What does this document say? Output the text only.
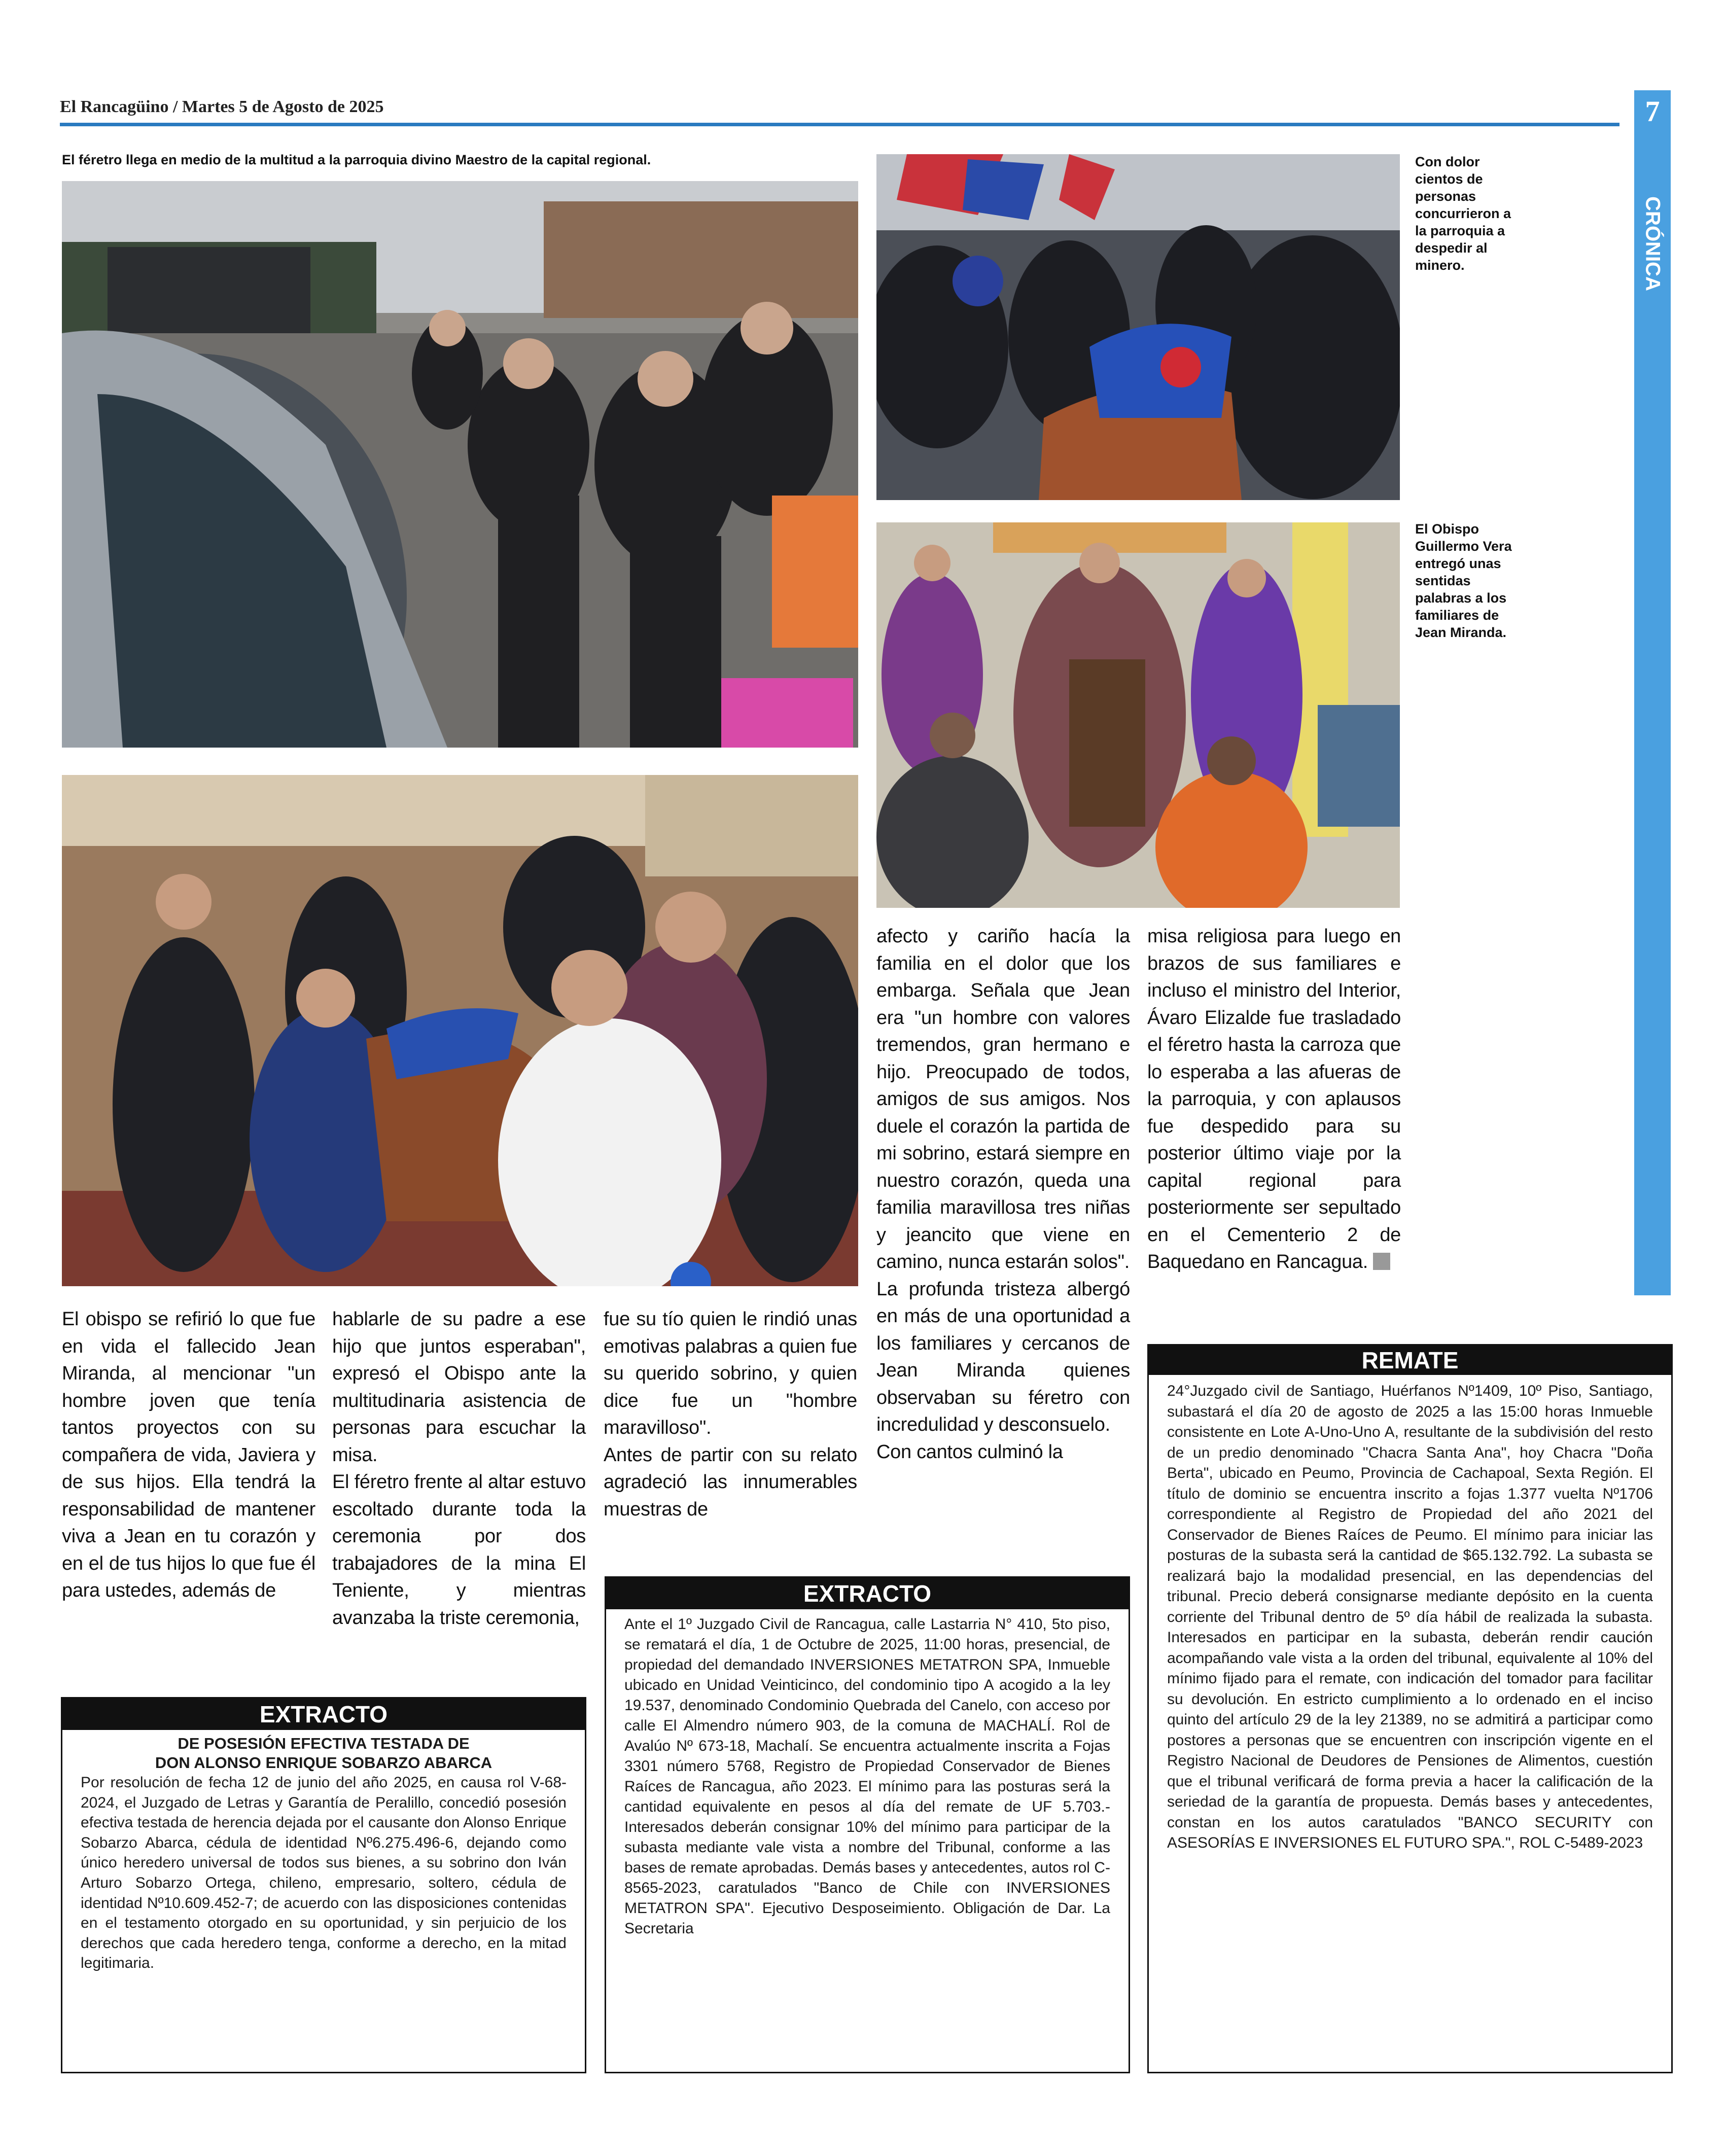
El Rancagüino / Martes 5 de Agosto de 2025	7
CRÓNICA
El féretro llega en medio de la multitud a la parroquia divino Maestro de la capital regional.	Con dolor cientos de personas concurrieron a la parroquia a despedir al minero.
El Obispo Guillermo Vera entregó unas sentidas palabras a los familiares de Jean Miranda.

El obispo se refirió lo que fue en vida el fallecido Jean Miranda, al mencionar "un hombre joven que tenía tantos proyectos con su compañera de vida, Javiera y de sus hijos. Ella tendrá la responsabilidad de mantener viva a Jean en tu corazón y en el de tus hijos lo que fue él para ustedes, además de

hablarle de su padre a ese hijo que juntos esperaban", expresó el Obispo ante la multitudinaria asistencia de personas para escuchar la misa.

El féretro frente al altar estuvo escoltado durante toda la ceremonia por dos trabajadores de la mina El Teniente, y mientras avanzaba la triste ceremonia,

fue su tío quien le rindió unas emotivas palabras a quien fue su querido sobrino, y quien dice fue un "hombre maravilloso".

Antes de partir con su relato agradeció las innumerables muestras de

afecto y cariño hacía la familia en el dolor que los embarga. Señala que Jean era "un hombre con valores tremendos, gran hermano e hijo. Preocupado de todos, amigos de sus amigos. Nos duele el corazón la partida de mi sobrino, estará siempre en nuestro corazón, queda una familia maravillosa tres niñas y jeancito que viene en camino, nunca estarán solos".

La profunda tristeza albergó en más de una oportunidad a los familiares y cercanos de Jean Miranda quienes observaban su féretro con incredulidad y desconsuelo.

Con cantos culminó la

misa religiosa para luego en brazos de sus familiares e incluso el ministro del Interior, Ávaro Elizalde fue trasladado el féretro hasta la carroza que lo esperaba a las afueras de la parroquia, y con aplausos fue despedido para su posterior último viaje por la capital regional para posteriormente ser sepultado en el Cementerio 2 de Baquedano en Rancagua.

EXTRACTO
DE POSESIÓN EFECTIVA TESTADA DE
DON ALONSO ENRIQUE SOBARZO ABARCA
Por resolución de fecha 12 de junio del año 2025, en causa rol V-68-2024, el Juzgado de Letras y Garantía de Peralillo, concedió posesión efectiva testada de herencia dejada por el causante don Alonso Enrique Sobarzo Abarca, cédula de identidad Nº6.275.496-6, dejando como único heredero universal de todos sus bienes, a su sobrino don Iván Arturo Sobarzo Ortega, chileno, empresario, soltero, cédula de identidad Nº10.609.452-7; de acuerdo con las disposiciones contenidas en el testamento otorgado en su oportunidad, y sin perjuicio de los derechos que cada heredero tenga, conforme a derecho, en la mitad legitimaria.
EXTRACTO
Ante el 1º Juzgado Civil de Rancagua, calle Lastarria N° 410, 5to piso, se rematará el día, 1 de Octubre de 2025, 11:00 horas, presencial, de propiedad del demandado INVERSIONES METATRON SPA, Inmueble ubicado en Unidad Veinticinco, del condominio tipo A acogido a la ley 19.537, denominado Condominio Quebrada del Canelo, con acceso por calle El Almendro número 903, de la comuna de MACHALÍ. Rol de Avalúo Nº 673-18, Machalí. Se encuentra actualmente inscrita a Fojas 3301 número 5768, Registro de Propiedad Conservador de Bienes Raíces de Rancagua, año 2023. El mínimo para las posturas será la cantidad equivalente en pesos al día del remate de UF 5.703.- Interesados deberán consignar 10% del mínimo para participar de la subasta mediante vale vista a nombre del Tribunal, conforme a las bases de remate aprobadas. Demás bases y antecedentes, autos rol C-8565-2023, caratulados "Banco de Chile con INVERSIONES METATRON SPA". Ejecutivo Desposeimiento. Obligación de Dar. La Secretaria
REMATE
24°Juzgado civil de Santiago, Huérfanos Nº1409, 10º Piso, Santiago, subastará el día 20 de agosto de 2025 a las 15:00 horas Inmueble consistente en Lote A-Uno-Uno A, resultante de la subdivisión del resto de un predio denominado "Chacra Santa Ana", hoy Chacra "Doña Berta", ubicado en Peumo, Provincia de Cachapoal, Sexta Región. El título de dominio se encuentra inscrito a fojas 1.377 vuelta Nº1706 correspondiente al Registro de Propiedad del año 2021 del Conservador de Bienes Raíces de Peumo. El mínimo para iniciar las posturas de la subasta será la cantidad de $65.132.792. La subasta se realizará bajo la modalidad presencial, en las dependencias del tribunal. Precio deberá consignarse mediante depósito en la cuenta corriente del Tribunal dentro de 5º día hábil de realizada la subasta. Interesados en participar en la subasta, deberán rendir caución acompañando vale vista a la orden del tribunal, equivalente al 10% del mínimo fijado para el remate, con indicación del tomador para facilitar su devolución. En estricto cumplimiento a lo ordenado en el inciso quinto del artículo 29 de la ley 21389, no se admitirá a participar como postores a personas que se encuentren con inscripción vigente en el Registro Nacional de Deudores de Pensiones de Alimentos, cuestión que el tribunal verificará de forma previa a hacer la calificación de la seriedad de la garantía de propuesta. Demás bases y antecedentes, constan en los autos caratulados "BANCO SECURITY con ASESORÍAS E INVERSIONES EL FUTURO SPA.", ROL C-5489-2023
